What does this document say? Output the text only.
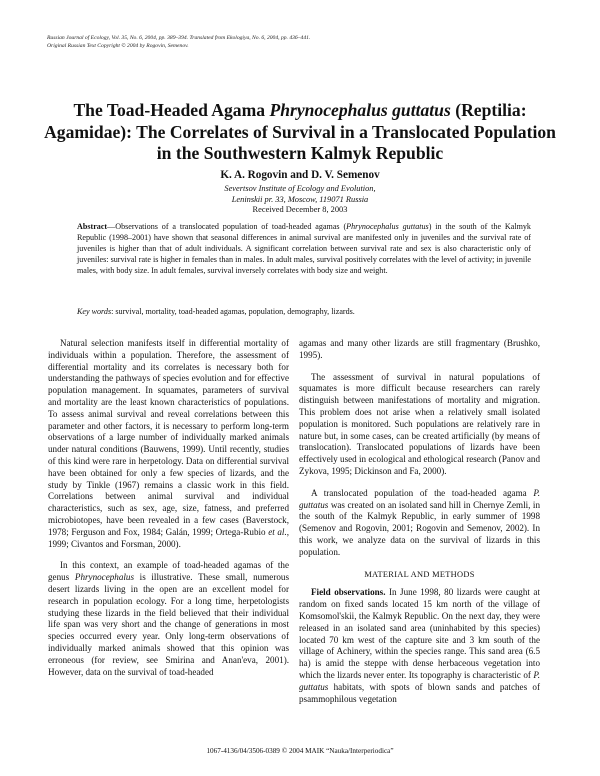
Russian Journal of Ecology, Vol. 35, No. 6, 2004, pp. 389–394. Translated from Ekologiya, No. 6, 2004, pp. 436–441.
Original Russian Text Copyright © 2004 by Rogovin, Semenov.
The Toad-Headed Agama Phrynocephalus guttatus (Reptilia: Agamidae): The Correlates of Survival in a Translocated Population in the Southwestern Kalmyk Republic
K. A. Rogovin and D. V. Semenov
Severtsov Institute of Ecology and Evolution,
Leninskii pr. 33, Moscow, 119071 Russia
Received December 8, 2003
Abstract—Observations of a translocated population of toad-headed agamas (Phrynocephalus guttatus) in the south of the Kalmyk Republic (1998–2001) have shown that seasonal differences in animal survival are manifested only in juveniles and the survival rate of juveniles is higher than that of adult individuals. A significant correlation between survival rate and sex is also characteristic only of juveniles: survival rate is higher in females than in males. In adult males, survival positively correlates with the level of activity; in juvenile males, with body size. In adult females, survival inversely correlates with body size and weight.
Key words: survival, mortality, toad-headed agamas, population, demography, lizards.

Natural selection manifests itself in differential mortality of individuals within a population. Therefore, the assessment of differential mortality and its correlates is necessary both for understanding the pathways of species evolution and for effective population management. In squamates, parameters of survival and mortality are the least known characteristics of populations. To assess animal survival and reveal correlations between this parameter and other factors, it is necessary to perform long-term observations of a large number of individually marked animals under natural conditions (Bauwens, 1999). Until recently, studies of this kind were rare in herpetology. Data on differential survival have been obtained for only a few species of lizards, and the study by Tinkle (1967) remains a classic work in this field. Correlations between animal survival and individual characteristics, such as sex, age, size, fatness, and preferred microbiotopes, have been revealed in a few cases (Baverstock, 1978; Ferguson and Fox, 1984; Galán, 1999; Ortega-Rubio et al., 1999; Civantos and Forsman, 2000).

In this context, an example of toad-headed agamas of the genus Phrynocephalus is illustrative. These small, numerous desert lizards living in the open are an excellent model for research in population ecology. For a long time, herpetologists studying these lizards in the field believed that their individual life span was very short and the change of generations in most species occurred every year. Only long-term observations of individually marked animals showed that this opinion was erroneous (for review, see Smirina and Anan'eva, 2001). However, data on the survival of toad-headed

agamas and many other lizards are still fragmentary (Brushko, 1995).

The assessment of survival in natural populations of squamates is more difficult because researchers can rarely distinguish between manifestations of mortality and migration. This problem does not arise when a relatively small isolated population is monitored. Such populations are relatively rare in nature but, in some cases, can be created artificially (by means of translocation). Translocated populations of lizards have been effectively used in ecological and ethological research (Panov and Zykova, 1995; Dickinson and Fa, 2000).

A translocated population of the toad-headed agama P. guttatus was created on an isolated sand hill in Chernye Zemli, in the south of the Kalmyk Republic, in early summer of 1998 (Semenov and Rogovin, 2001; Rogovin and Semenov, 2002). In this work, we analyze data on the survival of lizards in this population.

MATERIAL AND METHODS

Field observations. In June 1998, 80 lizards were caught at random on fixed sands located 15 km north of the village of Komsomol'skii, the Kalmyk Republic. On the next day, they were released in an isolated sand area (uninhabited by this species) located 70 km west of the capture site and 3 km south of the village of Achinery, within the species range. This sand area (6.5 ha) is amid the steppe with dense herbaceous vegetation into which the lizards never enter. Its topography is characteristic of P. guttatus habitats, with spots of blown sands and patches of psammophilous vegetation

1067-4136/04/3506-0389 © 2004 MAIK “Nauka/Interperiodica”
